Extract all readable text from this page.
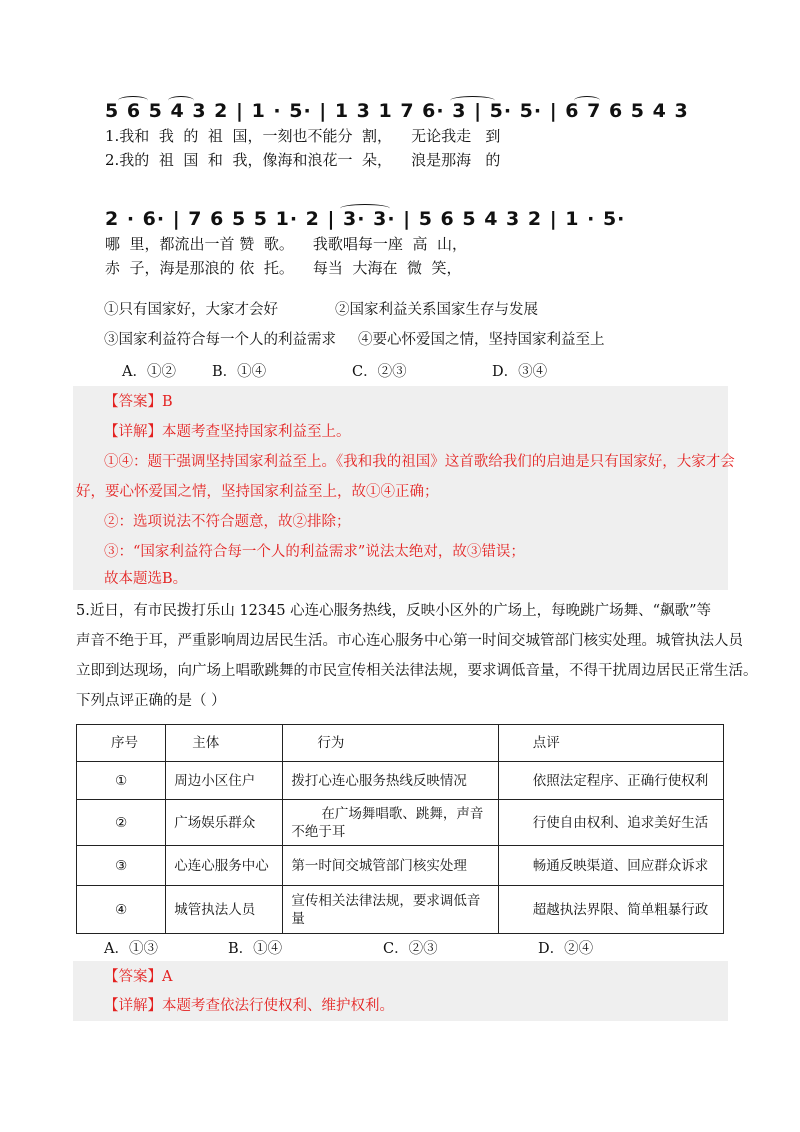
5 6 5 4 3 2 | 1 · 5· | 1 3 1 7 6· 3 | 5· 5· | 6 7 6 5 4 3
1.我和  我  的  祖  国，一刻也不能分  割，    无论我走   到
2.我的  祖  国  和  我，像海和浪花一  朵，    浪是那海   的
2 · 6· | 7 6 5 5 1· 2 | 3· 3· | 5 6 5 4 3 2 | 1 · 5·
哪  里，都流出一首 赞  歌。    我歌唱每一座  高  山，
赤  子，海是那浪的 依  托。    每当  大海在  微  笑，
①只有国家好，大家才会好	②国家利益关系国家生存与发展
③国家利益符合每一个人的利益需求 ④要心怀爱国之情，坚持国家利益至上
A．①② B．①④	C．②③	D．③④
【答案】B
【详解】本题考查坚持国家利益至上。
①④：题干强调坚持国家利益至上。《我和我的祖国》这首歌给我们的启迪是只有国家好，大家才会
好，要心怀爱国之情，坚持国家利益至上，故①④正确；
②：选项说法不符合题意，故②排除；
③：“国家利益符合每一个人的利益需求”说法太绝对，故③错误；
故本题选B。
5.近日，有市民拨打乐山 12345 心连心服务热线，反映小区外的广场上，每晚跳广场舞、“飙歌”等
声音不绝于耳，严重影响周边居民生活。市心连心服务中心第一时间交城管部门核实处理。城管执法人员
立即到达现场，向广场上唱歌跳舞的市民宣传相关法律法规，要求调低音量，不得干扰周边居民正常生活。
下列点评正确的是（ ）
序号	主体	行为	点评
①	周边小区住户	拨打心连心服务热线反映情况	依照法定程序、正确行使权利
②	广场娱乐群众	在广场舞唱歌、跳舞，声音不绝于耳	行使自由权利、追求美好生活
③	心连心服务中心	第一时间交城管部门核实处理	畅通反映渠道、回应群众诉求
④	城管执法人员	宣传相关法律法规，要求调低音量	超越执法界限、简单粗暴行政
A．①③	B．①④	C．②③	D．②④
【答案】A
【详解】本题考查依法行使权利、维护权利。
